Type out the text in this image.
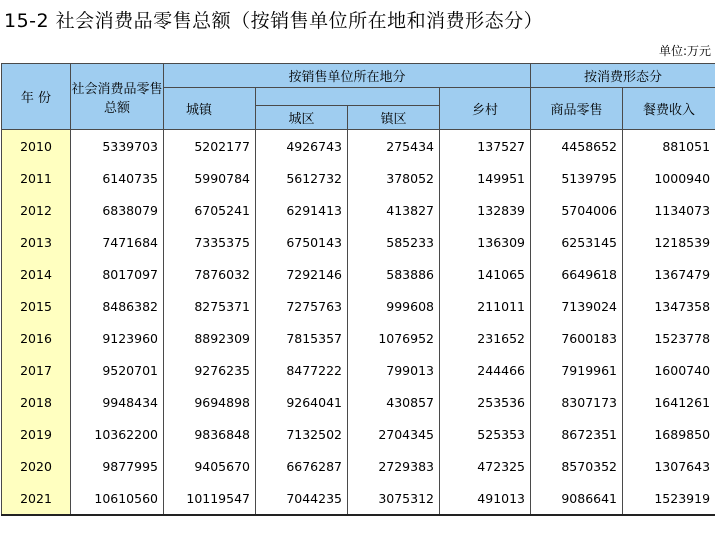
15-2 社会消费品零售总额（按销售单位所在地和消费形态分）
单位:万元
年 份	社会消费品零售总额	按销售单位所在地分				按消费形态分	
		城镇			乡村	商品零售	餐费收入
			城区	镇区			
2010	5339703	5202177	4926743	275434	137527	4458652	881051
2011	6140735	5990784	5612732	378052	149951	5139795	1000940
2012	6838079	6705241	6291413	413827	132839	5704006	1134073
2013	7471684	7335375	6750143	585233	136309	6253145	1218539
2014	8017097	7876032	7292146	583886	141065	6649618	1367479
2015	8486382	8275371	7275763	999608	211011	7139024	1347358
2016	9123960	8892309	7815357	1076952	231652	7600183	1523778
2017	9520701	9276235	8477222	799013	244466	7919961	1600740
2018	9948434	9694898	9264041	430857	253536	8307173	1641261
2019	10362200	9836848	7132502	2704345	525353	8672351	1689850
2020	9877995	9405670	6676287	2729383	472325	8570352	1307643
2021	10610560	10119547	7044235	3075312	491013	9086641	1523919
